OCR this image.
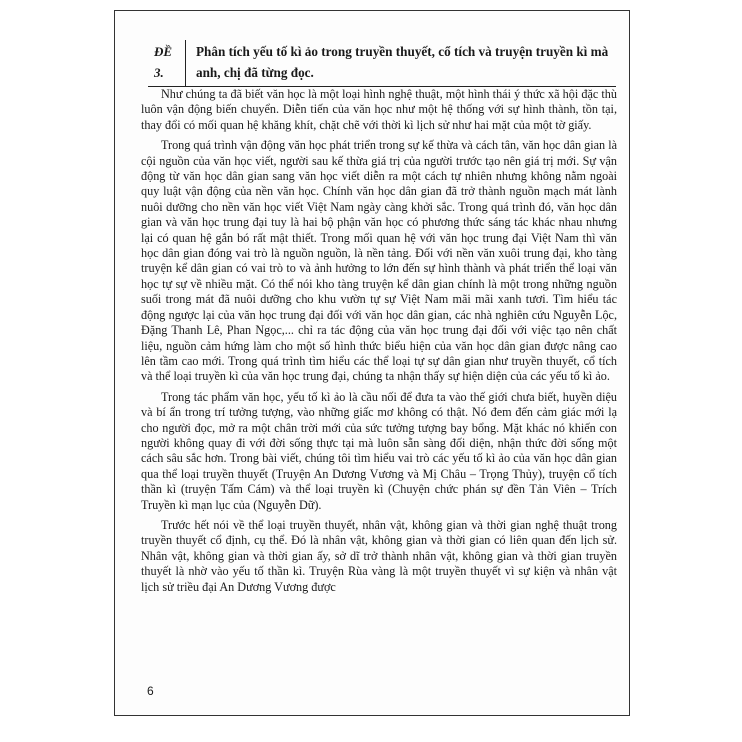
ĐỀ
3.
Phân tích yếu tố kì ảo trong truyền thuyết, cổ tích và truyện truyền kì mà anh, chị đã từng đọc.

Như chúng ta đã biết văn học là một loại hình nghệ thuật, một hình thái ý thức xã hội đặc thù luôn vận động biến chuyển. Diễn tiến của văn học như một hệ thống với sự hình thành, tồn tại, thay đổi có mối quan hệ khăng khít, chặt chẽ với thời kì lịch sử như hai mặt của một tờ giấy.

Trong quá trình vận động văn học phát triển trong sự kế thừa và cách tân, văn học dân gian là cội nguồn của văn học viết, người sau kế thừa giá trị của người trước tạo nên giá trị mới. Sự vận động từ văn học dân gian sang văn học viết diễn ra một cách tự nhiên nhưng không nằm ngoài quy luật vận động của nền văn học. Chính văn học dân gian đã trở thành nguồn mạch mát lành nuôi dưỡng cho nền văn học viết Việt Nam ngày càng khởi sắc. Trong quá trình đó, văn học dân gian và văn học trung đại tuy là hai bộ phận văn học có phương thức sáng tác khác nhau nhưng lại có quan hệ gắn bó rất mật thiết. Trong mối quan hệ với văn học trung đại Việt Nam thì văn học dân gian đóng vai trò là nguồn nguồn, là nền tảng. Đối với nền văn xuôi trung đại, kho tàng truyện kể dân gian có vai trò to và ảnh hưởng to lớn đến sự hình thành và phát triển thể loại văn học tự sự về nhiều mặt. Có thể nói kho tàng truyện kể dân gian chính là một trong những nguồn suối trong mát đã nuôi dưỡng cho khu vườn tự sự Việt Nam mãi mãi xanh tươi. Tìm hiểu tác động ngược lại của văn học trung đại đối với văn học dân gian, các nhà nghiên cứu Nguyễn Lộc, Đặng Thanh Lê, Phan Ngọc,... chỉ ra tác động của văn học trung đại đối với việc tạo nên chất liệu, nguồn cảm hứng làm cho một số hình thức biểu hiện của văn học dân gian được nâng cao lên tầm cao mới. Trong quá trình tìm hiểu các thể loại tự sự dân gian như truyền thuyết, cổ tích và thể loại truyền kì của văn học trung đại, chúng ta nhận thấy sự hiện diện của các yếu tố kì ảo.

Trong tác phẩm văn học, yếu tố kì ảo là cầu nối để đưa ta vào thế giới chưa biết, huyền diệu và bí ẩn trong trí tưởng tượng, vào những giấc mơ không có thật. Nó đem đến cảm giác mới lạ cho người đọc, mở ra một chân trời mới của sức tưởng tượng bay bổng. Mặt khác nó khiến con người không quay đi với đời sống thực tại mà luôn sẵn sàng đối diện, nhận thức đời sống một cách sâu sắc hơn. Trong bài viết, chúng tôi tìm hiểu vai trò các yếu tố kì ảo của văn học dân gian qua thể loại truyền thuyết (Truyện An Dương Vương và Mị Châu – Trọng Thủy), truyện cổ tích thần kì (truyện Tấm Cám) và thể loại truyền kì (Chuyện chức phán sự đền Tản Viên – Trích Truyền kì mạn lục của (Nguyễn Dữ).

Trước hết nói về thể loại truyền thuyết, nhân vật, không gian và thời gian nghệ thuật trong truyền thuyết cổ định, cụ thể. Đó là nhân vật, không gian và thời gian có liên quan đến lịch sử. Nhân vật, không gian và thời gian ấy, sở dĩ trở thành nhân vật, không gian và thời gian truyền thuyết là nhờ vào yếu tố thần kì. Truyện Rùa vàng là một truyền thuyết vì sự kiện và nhân vật lịch sử triều đại An Dương Vương được

6
